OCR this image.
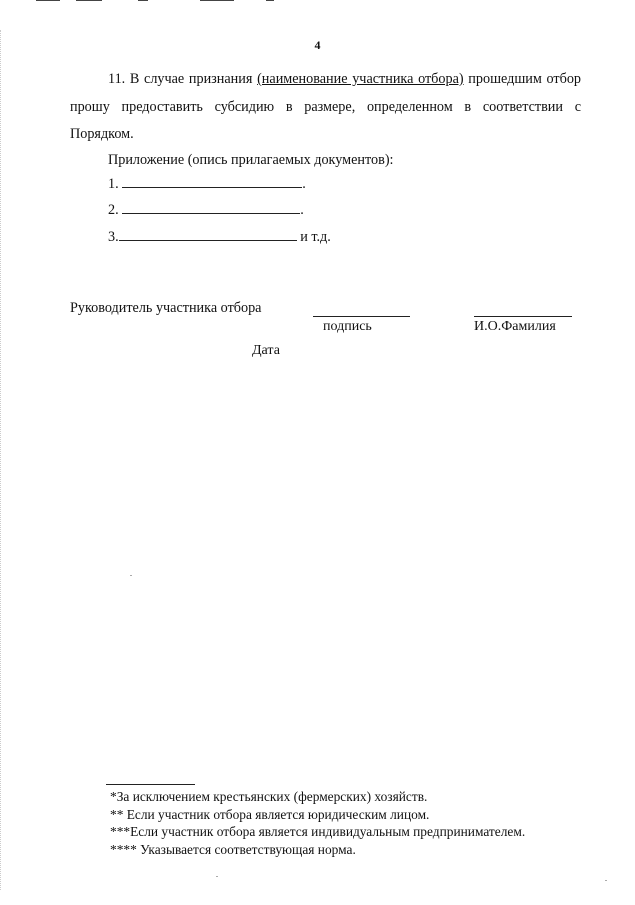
4
11. В случае признания (наименование участника отбора) прошедшим отбор прошу предоставить субсидию в размере, определенном в соответствии с Порядком.
Приложение (опись прилагаемых документов):
1.	.
2.	.
3.	и т.д.
Руководитель участника отбора
подпись	И.О.Фамилия
Дата
*За исключением крестьянских (фермерских) хозяйств.
** Если участник отбора является юридическим лицом.
***Если участник отбора является индивидуальным предпринимателем.
**** Указывается соответствующая норма.
